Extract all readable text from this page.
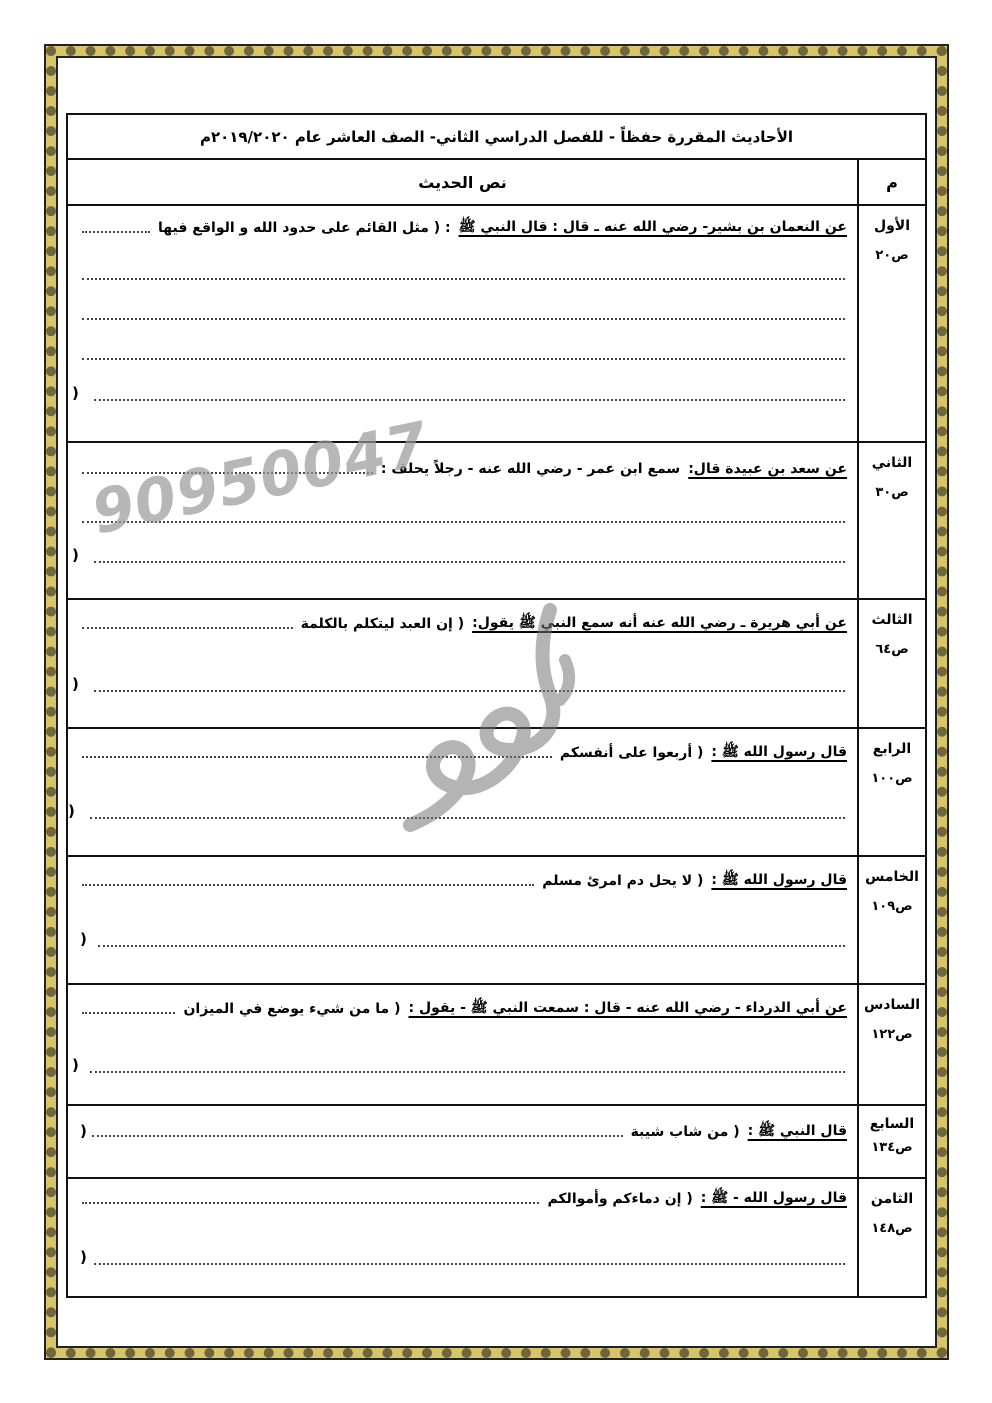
الأحاديث المقررة حفظاً - للفصل الدراسي الثاني- الصف العاشر عام ٢٠١٩/٢٠٢٠م
م
نص الحديث
الأول
ص٢٠
عن النعمان بن بشير- رضي الله عنه ـ قال : قال النبي ﷺ
: ( مثل القائم على حدود الله و الواقع فيها
)
الثاني
ص٣٠
عن سعد بن عبيدة قال:
سمع ابن عمر - رضي الله عنه - رجلاً يحلف :
)
الثالث
ص٦٤
عن أبي هريرة ـ رضي الله عنه أنه سمع النبي ﷺ يقول:
( إن العبد ليتكلم بالكلمة
)
الرابع
ص١٠٠
قال رسول الله ﷺ :
( أربعوا على أنفسكم
)
الخامس
ص١٠٩
قال رسول الله ﷺ :
( لا يحل دم امرئ مسلم
)
السادس
ص١٢٢
عن أبي الدرداء - رضي الله عنه - قال : سمعت النبي ﷺ - يقول :
( ما من شيء يوضع في الميزان
)
السابع
ص١٣٤
قال النبي ﷺ :
( من شاب شيبة
)
الثامن
ص١٤٨
قال رسول الله - ﷺ :
( إن دماءكم وأموالكم
)
90950047
